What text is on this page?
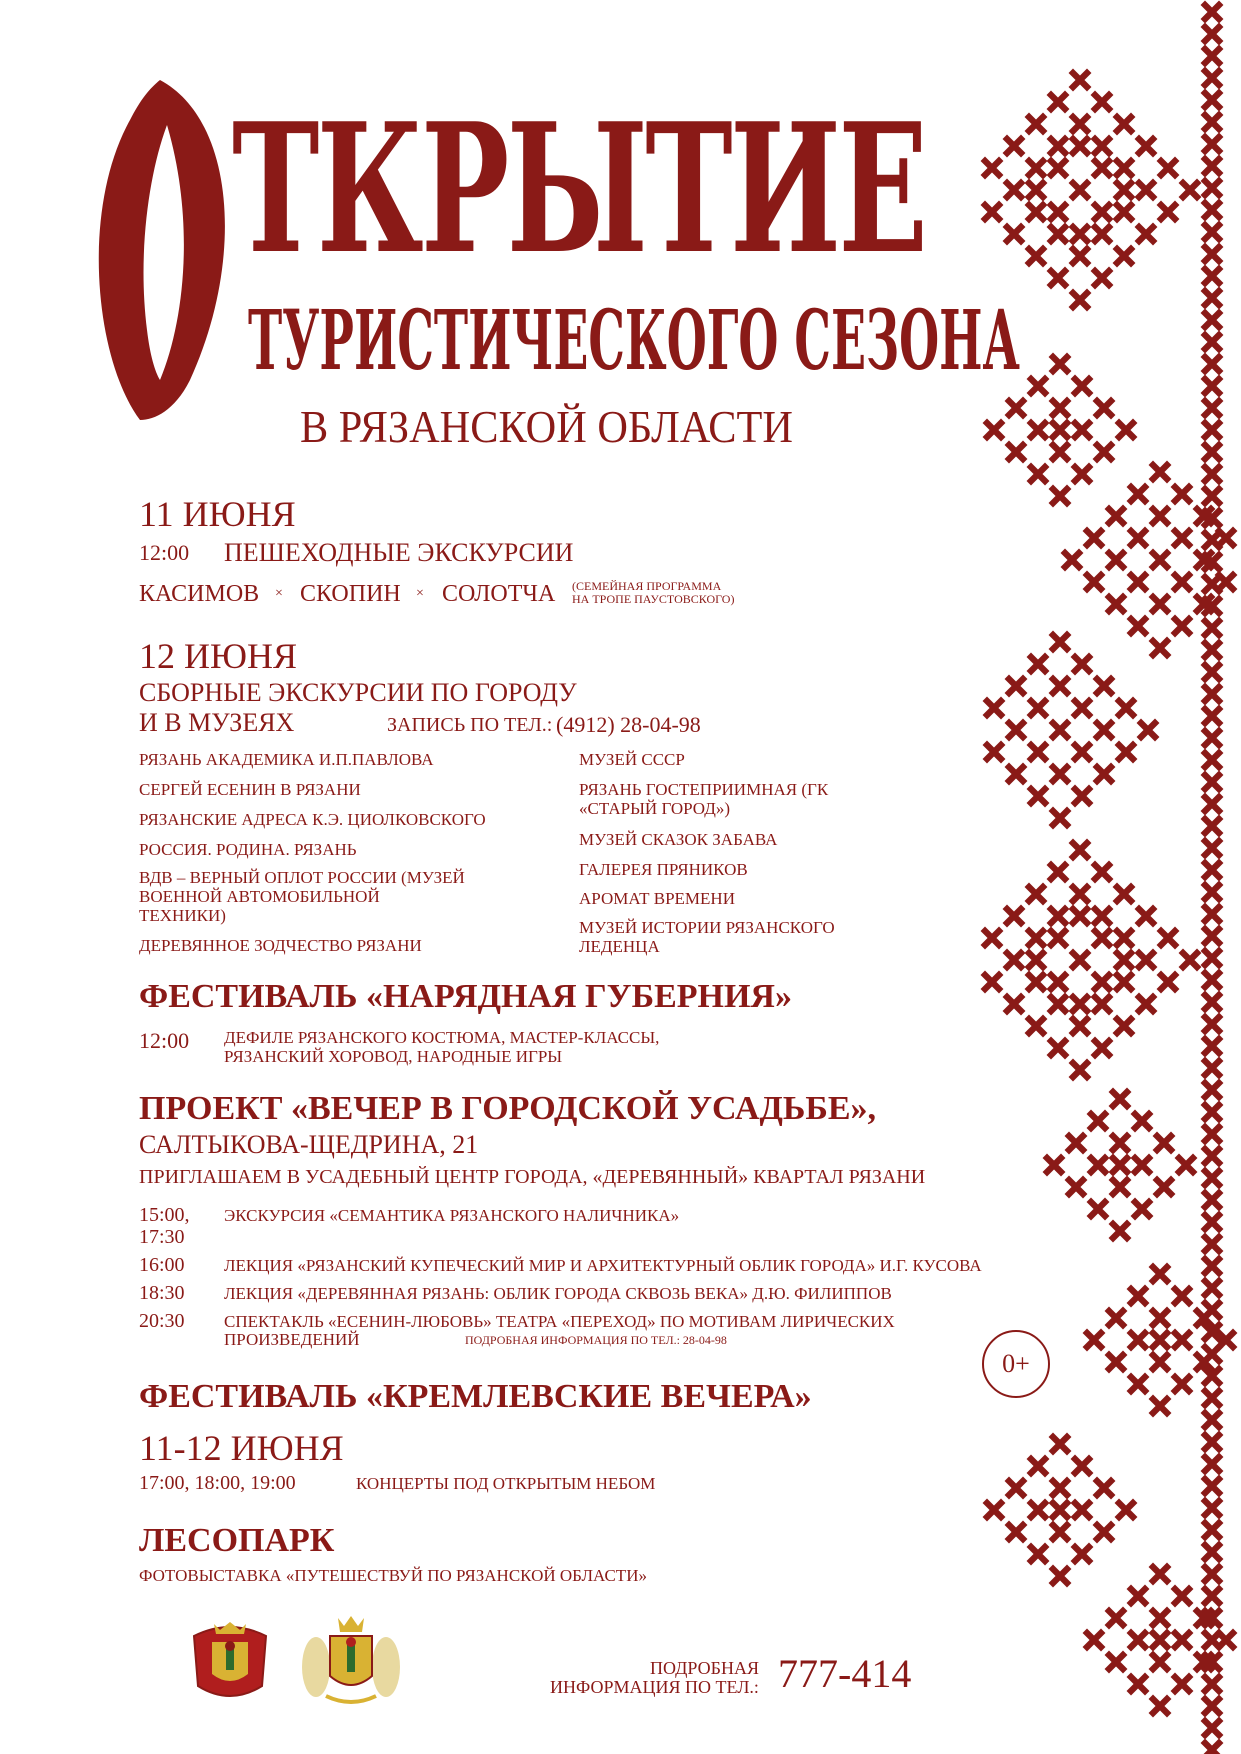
ТКРЫТИЕ
ТУРИСТИЧЕСКОГО СЕЗОНА
В РЯЗАНСКОЙ ОБЛАСТИ
11 ИЮНЯ
12:00 ПЕШЕХОДНЫЕ ЭКСКУРСИИ
КАСИМОВ × СКОПИН × СОЛОТЧА (СЕМЕЙНАЯ ПРОГРАММА
НА ТРОПЕ ПАУСТОВСКОГО)
12 ИЮНЯ
СБОРНЫЕ ЭКСКУРСИИ ПО ГОРОДУ
И В МУЗЕЯХ	ЗАПИСЬ ПО ТЕЛ.: (4912) 28-04-98
РЯЗАНЬ АКАДЕМИКА И.П.ПАВЛОВА
СЕРГЕЙ ЕСЕНИН В РЯЗАНИ
РЯЗАНСКИЕ АДРЕСА К.Э. ЦИОЛКОВСКОГО
РОССИЯ. РОДИНА. РЯЗАНЬ
ВДВ – ВЕРНЫЙ ОПЛОТ РОССИИ (МУЗЕЙ ВОЕННОЙ АВТОМОБИЛЬНОЙ ТЕХНИКИ)
ДЕРЕВЯННОЕ ЗОДЧЕСТВО РЯЗАНИ
МУЗЕЙ СССР
РЯЗАНЬ ГОСТЕПРИИМНАЯ (ГК «СТАРЫЙ ГОРОД»)
МУЗЕЙ СКАЗОК ЗАБАВА
ГАЛЕРЕЯ ПРЯНИКОВ
АРОМАТ ВРЕМЕНИ
МУЗЕЙ ИСТОРИИ РЯЗАНСКОГО ЛЕДЕНЦА
ФЕСТИВАЛЬ «НАРЯДНАЯ ГУБЕРНИЯ»
12:00 ДЕФИЛЕ РЯЗАНСКОГО КОСТЮМА, МАСТЕР-КЛАССЫ,
РЯЗАНСКИЙ ХОРОВОД, НАРОДНЫЕ ИГРЫ
ПРОЕКТ «ВЕЧЕР В ГОРОДСКОЙ УСАДЬБЕ»,
САЛТЫКОВА-ЩЕДРИНА, 21
ПРИГЛАШАЕМ В УСАДЕБНЫЙ ЦЕНТР ГОРОДА, «ДЕРЕВЯННЫЙ» КВАРТАЛ РЯЗАНИ
15:00,
17:30
ЭКСКУРСИЯ «СЕМАНТИКА РЯЗАНСКОГО НАЛИЧНИКА»
16:00 ЛЕКЦИЯ «РЯЗАНСКИЙ КУПЕЧЕСКИЙ МИР И АРХИТЕКТУРНЫЙ ОБЛИК ГОРОДА» И.Г. КУСОВА
18:30 ЛЕКЦИЯ «ДЕРЕВЯННАЯ РЯЗАНЬ: ОБЛИК ГОРОДА СКВОЗЬ ВЕКА» Д.Ю. ФИЛИППОВ
20:30 СПЕКТАКЛЬ «ЕСЕНИН-ЛЮБОВЬ» ТЕАТРА «ПЕРЕХОД» ПО МОТИВАМ ЛИРИЧЕСКИХ
ПРОИЗВЕДЕНИЙ	ПОДРОБНАЯ ИНФОРМАЦИЯ ПО ТЕЛ.: 28-04-98
0+
ФЕСТИВАЛЬ «КРЕМЛЕВСКИЕ ВЕЧЕРА»
11-12 ИЮНЯ
17:00, 18:00, 19:00	КОНЦЕРТЫ ПОД ОТКРЫТЫМ НЕБОМ
ЛЕСОПАРК
ФОТОВЫСТАВКА «ПУТЕШЕСТВУЙ ПО РЯЗАНСКОЙ ОБЛАСТИ»
ПОДРОБНАЯ
ИНФОРМАЦИЯ ПО ТЕЛ.: 777-414
